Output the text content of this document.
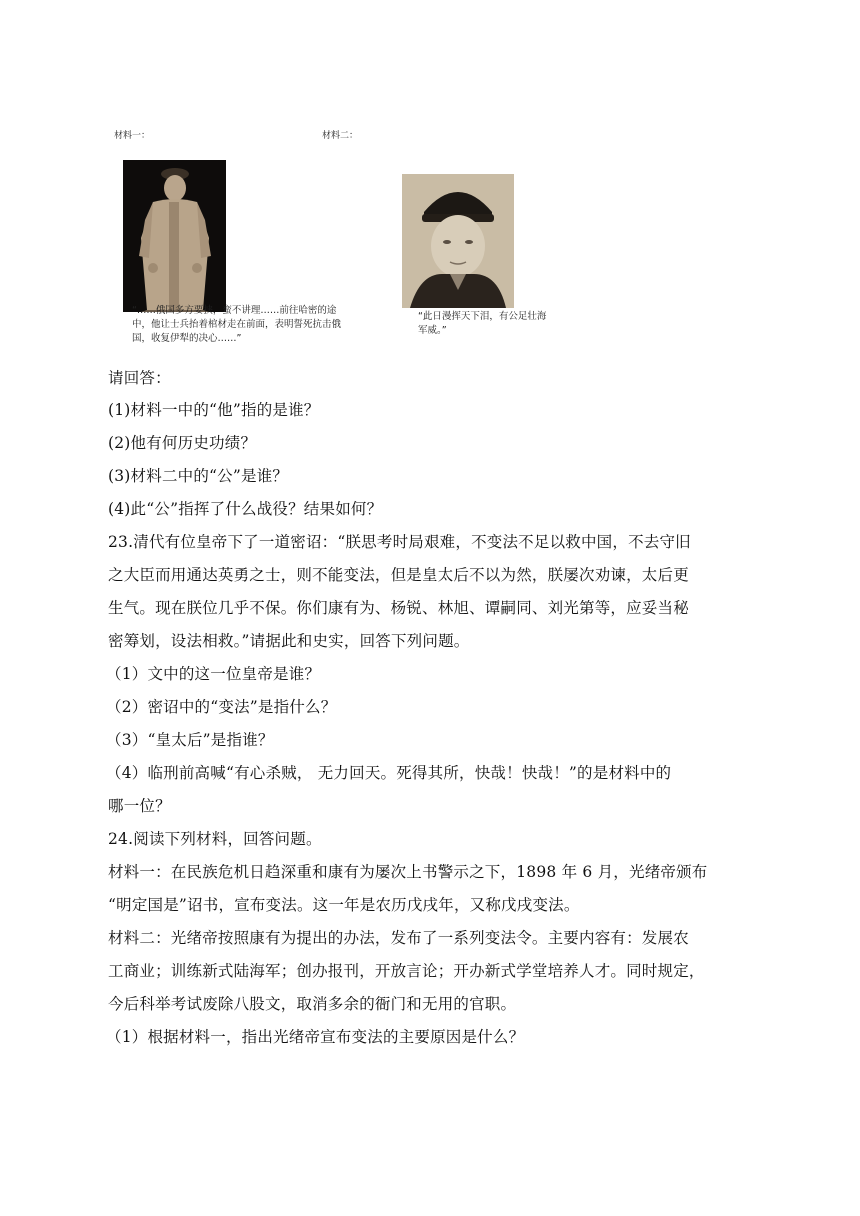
材料一：	材料二：
“……俄国多方要挟，蛮不讲理……前往哈密的途中，他让士兵抬着棺材走在前面，表明誓死抗击俄国，收复伊犁的决心……”
“此日漫挥天下泪，有公足壮海军威。”
请回答：
(1)材料一中的“他”指的是谁？
(2)他有何历史功绩？
(3)材料二中的“公”是谁？
(4)此“公”指挥了什么战役？结果如何？
23.清代有位皇帝下了一道密诏：“朕思考时局艰难，不变法不足以救中国，不去守旧
之大臣而用通达英勇之士，则不能变法，但是皇太后不以为然，朕屡次劝谏，太后更
生气。现在朕位几乎不保。你们康有为、杨锐、林旭、谭嗣同、刘光第等，应妥当秘
密筹划，设法相救。”请据此和史实，回答下列问题。
（1）文中的这一位皇帝是谁？
（2）密诏中的“变法”是指什么？
（3）“皇太后”是指谁？
（4）临刑前高喊“有心杀贼， 无力回天。死得其所，快哉！快哉！”的是材料中的
哪一位？
24.阅读下列材料，回答问题。
材料一：在民族危机日趋深重和康有为屡次上书警示之下，1898 年 6 月，光绪帝颁布
“明定国是”诏书，宣布变法。这一年是农历戊戌年，又称戊戌变法。
材料二：光绪帝按照康有为提出的办法，发布了一系列变法令。主要内容有：发展农
工商业；训练新式陆海军；创办报刊，开放言论；开办新式学堂培养人才。同时规定，
今后科举考试废除八股文，取消多余的衙门和无用的官职。
（1）根据材料一，指出光绪帝宣布变法的主要原因是什么？
